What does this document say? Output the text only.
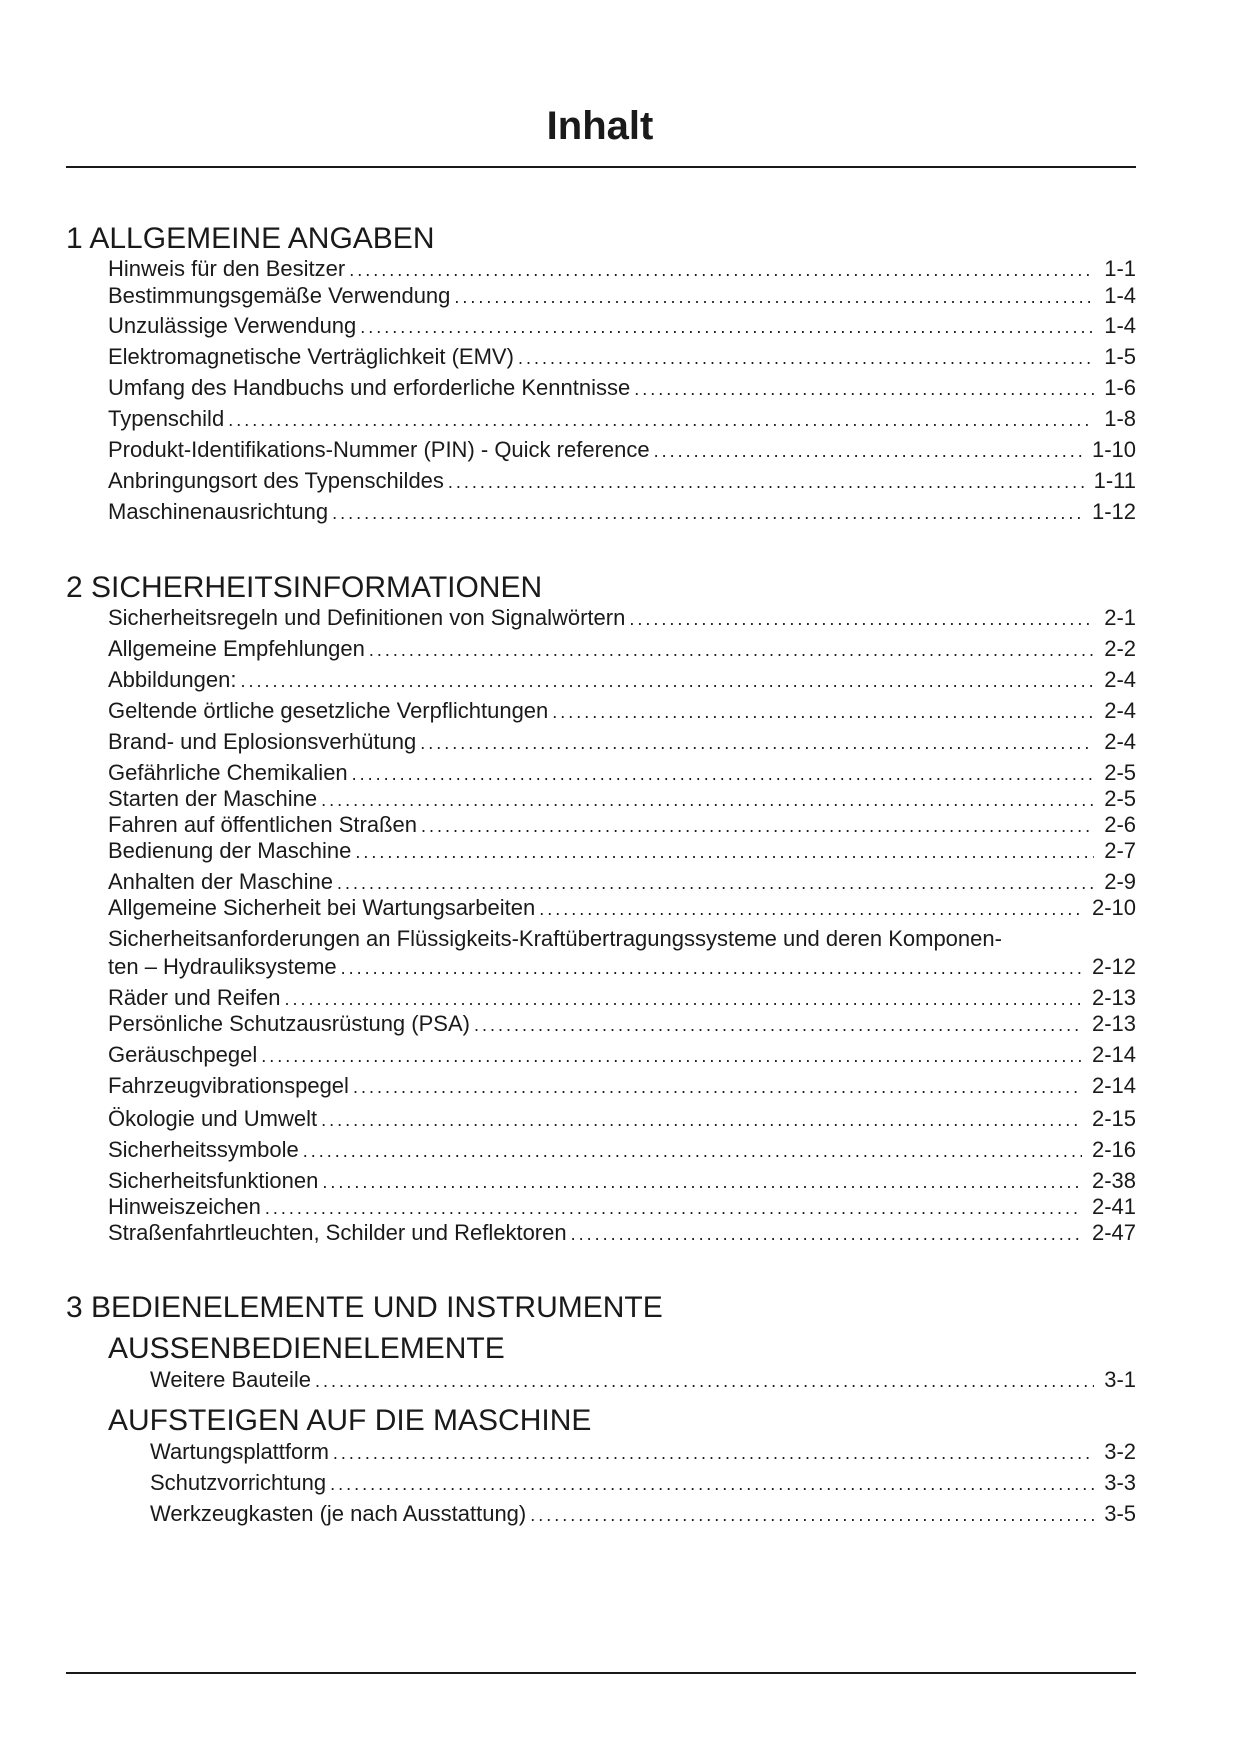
Inhalt
1 ALLGEMEINE ANGABEN
Hinweis für den Besitzer . . .	1-1
Bestimmungsgemäße Verwendung . . .	1-4
Unzulässige Verwendung . . .	1-4
Elektromagnetische Verträglichkeit (EMV) . . .	1-5
Umfang des Handbuchs und erforderliche Kenntnisse . . .	1-6
Typenschild . . .	1-8
Produkt-Identifikations-Nummer (PIN) - Quick reference . . .	1-10
Anbringungsort des Typenschildes . . .	1-11
Maschinenausrichtung . . .	1-12
2 SICHERHEITSINFORMATIONEN
Sicherheitsregeln und Definitionen von Signalwörtern . . .	2-1
Allgemeine Empfehlungen . . .	2-2
Abbildungen: . . .	2-4
Geltende örtliche gesetzliche Verpflichtungen . . .	2-4
Brand- und Eplosionsverhütung . . .	2-4
Gefährliche Chemikalien . . .	2-5
Starten der Maschine . . .	2-5
Fahren auf öffentlichen Straßen . . .	2-6
Bedienung der Maschine . . .	2-7
Anhalten der Maschine . . .	2-9
Allgemeine Sicherheit bei Wartungsarbeiten . . .	2-10
Sicherheitsanforderungen an Flüssigkeits-Kraftübertragungssysteme und deren Komponen-
ten – Hydrauliksysteme . . .	2-12
Räder und Reifen . . .	2-13
Persönliche Schutzausrüstung (PSA) . . .	2-13
Geräuschpegel . . .	2-14
Fahrzeugvibrationspegel . . .	2-14
Ökologie und Umwelt . . .	2-15
Sicherheitssymbole . . .	2-16
Sicherheitsfunktionen . . .	2-38
Hinweiszeichen . . .	2-41
Straßenfahrtleuchten, Schilder und Reflektoren . . .	2-47
3 BEDIENELEMENTE UND INSTRUMENTE
AUSSENBEDIENELEMENTE
Weitere Bauteile . . .	3-1
AUFSTEIGEN AUF DIE MASCHINE
Wartungsplattform . . .	3-2
Schutzvorrichtung . . .	3-3
Werkzeugkasten (je nach Ausstattung) . . .	3-5
